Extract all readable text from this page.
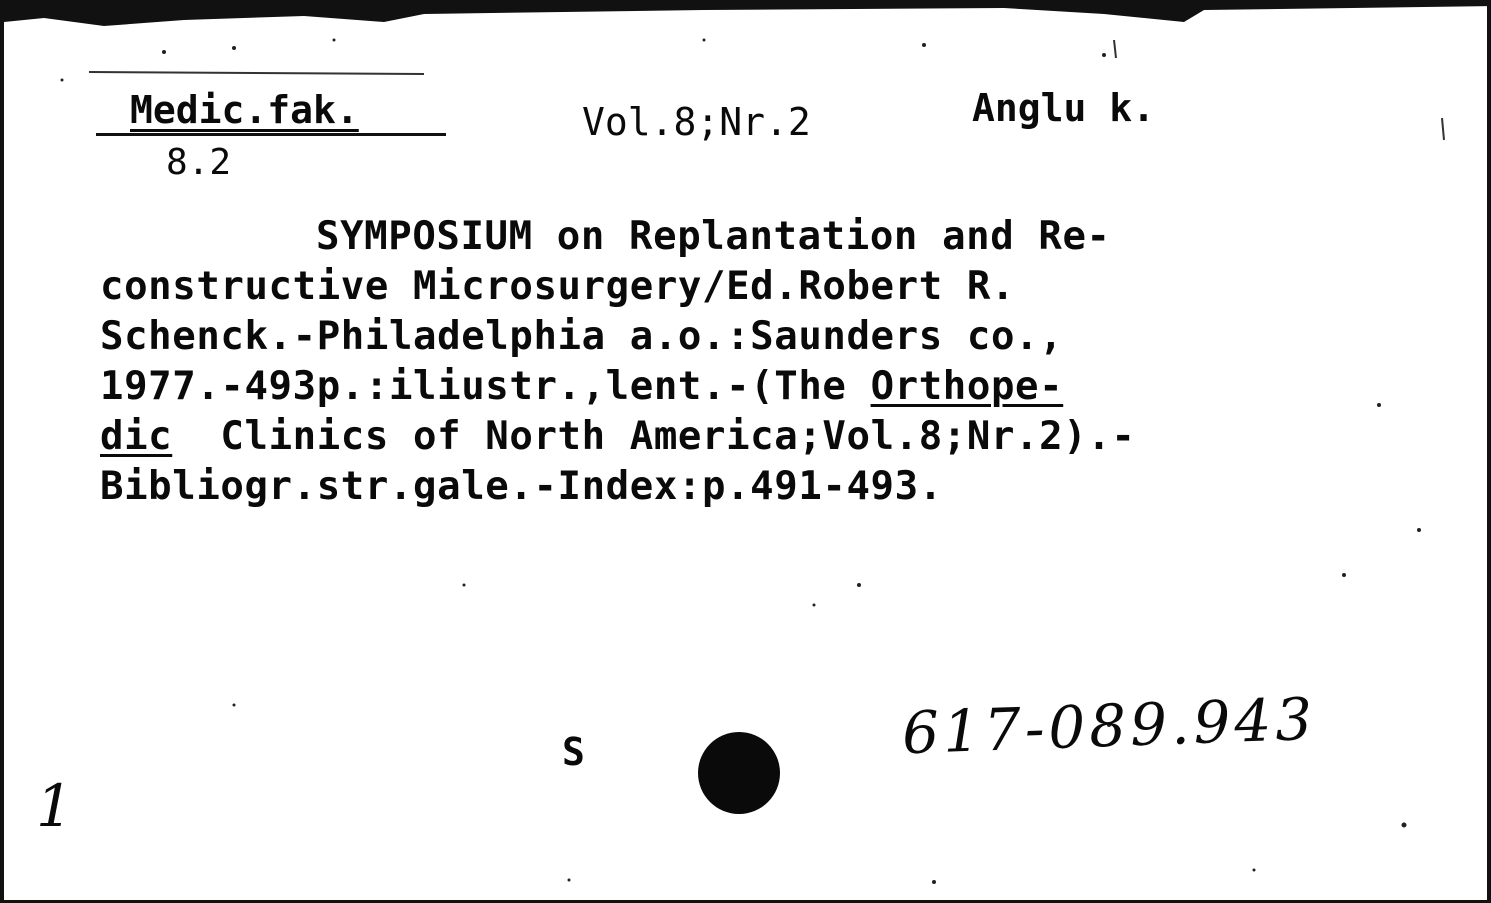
Medic.fak.
8.2
Vol.8;Nr.2	Anglu k.
SYMPOSIUM on Replantation and Re-
constructive Microsurgery/Ed.Robert R.
Schenck.-Philadelphia a.o.:Saunders co.,
1977.-493p.:iliustr.,lent.-(The Orthope-
dic  Clinics of North America;Vol.8;Nr.2).-
Bibliogr.str.gale.-Index:p.491-493.
S	617-089.943
1
